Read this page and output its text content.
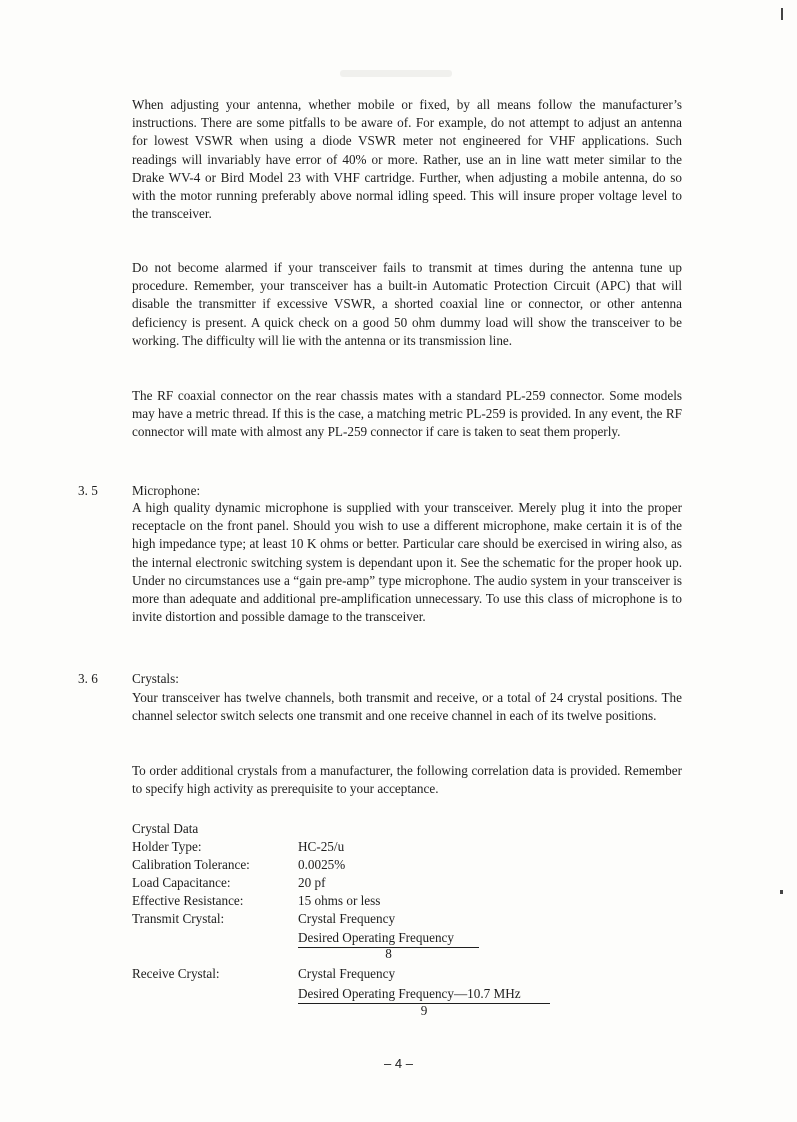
When adjusting your antenna, whether mobile or fixed, by all means follow the manufacturer’s instructions. There are some pitfalls to be aware of. For example, do not attempt to adjust an antenna for lowest VSWR when using a diode VSWR meter not engineered for VHF applications. Such readings will invariably have error of 40% or more. Rather, use an in line watt meter similar to the Drake WV-4 or Bird Model 23 with VHF cartridge. Further, when adjusting a mobile antenna, do so with the motor running preferably above normal idling speed. This will insure proper voltage level to the transceiver.

Do not become alarmed if your transceiver fails to transmit at times during the antenna tune up procedure. Remember, your transceiver has a built-in Automatic Protection Circuit (APC) that will disable the transmitter if excessive VSWR, a shorted coaxial line or connector, or other antenna deficiency is present. A quick check on a good 50 ohm dummy load will show the transceiver to be working. The difficulty will lie with the antenna or its transmission line.

The RF coaxial connector on the rear chassis mates with a standard PL-259 connector. Some models may have a metric thread. If this is the case, a matching metric PL-259 is provided. In any event, the RF connector will mate with almost any PL-259 connector if care is taken to seat them properly.

3. 5	Microphone:

A high quality dynamic microphone is supplied with your transceiver. Merely plug it into the proper receptacle on the front panel. Should you wish to use a different microphone, make certain it is of the high impedance type; at least 10 K ohms or better. Particular care should be exercised in wiring also, as the internal electronic switching system is dependant upon it. See the schematic for the proper hook up. Under no circumstances use a “gain pre-amp” type microphone. The audio system in your transceiver is more than adequate and additional pre-amplification unnecessary. To use this class of microphone is to invite distortion and possible damage to the transceiver.

3. 6	Crystals:

Your transceiver has twelve channels, both transmit and receive, or a total of 24 crystal positions. The channel selector switch selects one transmit and one receive channel in each of its twelve positions.

To order additional crystals from a manufacturer, the following correlation data is provided. Remember to specify high activity as prerequisite to your acceptance.

Crystal Data
Holder Type:	HC-25/u
Calibration Tolerance:	0.0025%
Load Capacitance:	20 pf
Effective Resistance:	15 ohms or less
Transmit Crystal:	Crystal Frequency
Desired Operating Frequency
8
Receive Crystal:	Crystal Frequency
Desired Operating Frequency—10.7 MHz
9
– 4 –
